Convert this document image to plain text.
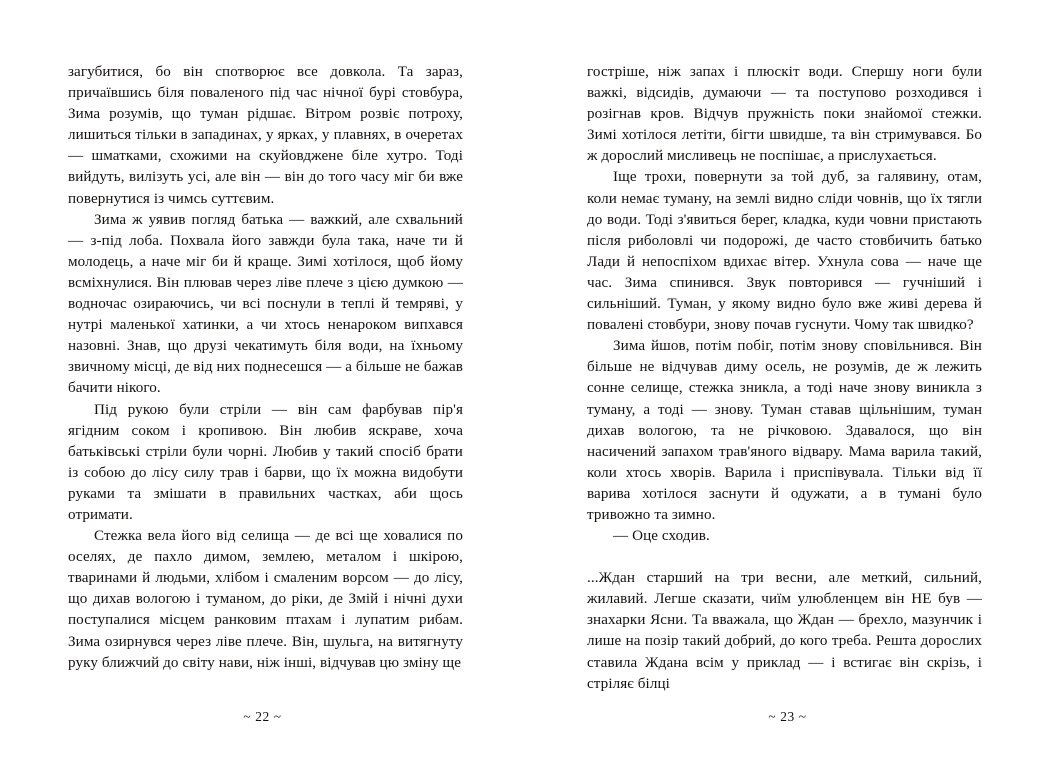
загубитися, бо він спотворює все довкола. Та зараз, причаївшись біля поваленого під час нічної бурі стовбура, Зима розумів, що туман рідшає. Вітром розвіє потроху, лишиться тільки в западинах, у ярках, у плавнях, в очеретах — шматками, схожими на скуйовджене біле хутро. Тоді вийдуть, вилізуть усі, але він — він до того часу міг би вже повернутися із чимсь суттєвим.

Зима ж уявив погляд батька — важкий, але схвальний — з-під лоба. Похвала його завжди була така, наче ти й молодець, а наче міг би й краще. Зимі хотілося, щоб йому всміхнулися. Він плював через ліве плече з цією думкою — водночас озираючись, чи всі поснули в теплі й темряві, у нутрі маленької хатинки, а чи хтось ненароком випхався назовні. Знав, що друзі чекатимуть біля води, на їхньому звичному місці, де від них поднесешся — а більше не бажав бачити нікого.

Під рукою були стріли — він сам фарбував пір'я ягідним соком і кропивою. Він любив яскраве, хоча батьківські стріли були чорні. Любив у такий спосіб брати із собою до лісу силу трав і барви, що їх можна видобути руками та змішати в правильних частках, аби щось отримати.

Стежка вела його від селища — де всі ще ховалися по оселях, де пахло димом, землею, металом і шкірою, тваринами й людьми, хлібом і смаленим ворсом — до лісу, що дихав вологою і туманом, до ріки, де Змій і нічні духи поступалися місцем ранковим птахам і лупатим рибам. Зима озирнувся через ліве плече. Він, шульга, на витягнуту руку ближчий до світу нави, ніж інші, відчував цю зміну ще

~ 22 ~

гостріше, ніж запах і плюскіт води. Спершу ноги були важкі, відсидів, думаючи — та поступово розходився і розігнав кров. Відчув пружність поки знайомої стежки. Зимі хотілося летіти, бігти швидше, та він стримувався. Бо ж дорослий мисливець не поспішає, а прислухається.

Іще трохи, повернути за той дуб, за галявину, отам, коли немає туману, на землі видно сліди човнів, що їх тягли до води. Тоді з'явиться берег, кладка, куди човни пристають після риболовлі чи подорожі, де часто стовбичить батько Лади й непоспіхом вдихає вітер. Ухнула сова — наче ще час. Зима спинився. Звук повторився — гучніший і сильніший. Туман, у якому видно було вже живі дерева й повалені стовбури, знову почав гуснути. Чому так швидко?

Зима йшов, потім побіг, потім знову сповільнився. Він більше не відчував диму осель, не розумів, де ж лежить сонне селище, стежка зникла, а тоді наче знову виникла з туману, а тоді — знову. Туман ставав щільнішим, туман дихав вологою, та не річковою. Здавалося, що він насичений запахом трав'яного відвару. Мама варила такий, коли хтось хворів. Варила і приспівувала. Тільки від її варива хотілося заснути й одужати, а в тумані було тривожно та зимно.

— Оце сходив.

...Ждан старший на три весни, але меткий, сильний, жилавий. Легше сказати, чиїм улюбленцем він НЕ був — знахарки Ясни. Та вважала, що Ждан — брехло, мазунчик і лише на позір такий добрий, до кого треба. Решта дорослих ставила Ждана всім у приклад — і встигає він скрізь, і стріляє білці

~ 23 ~
